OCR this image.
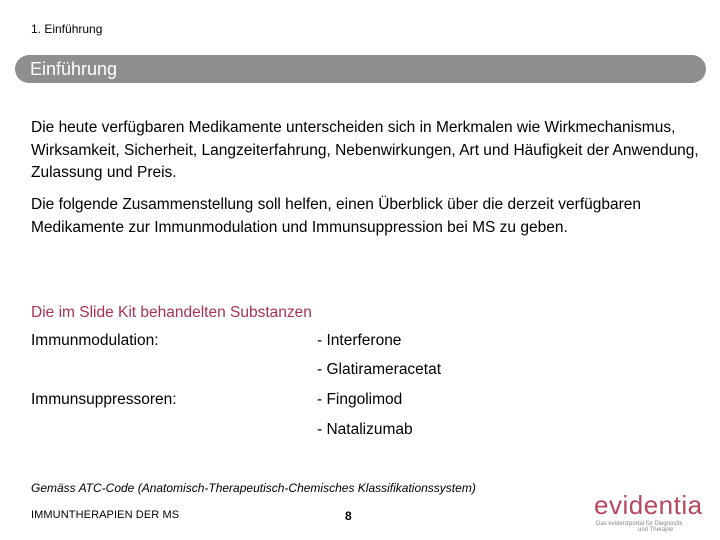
1. Einführung
Einführung

Die heute verfügbaren Medikamente unterscheiden sich in Merkmalen wie Wirkmechanismus, Wirksamkeit, Sicherheit, Langzeiterfahrung, Nebenwirkungen, Art und Häufigkeit der Anwendung, Zulassung und Preis.

Die folgende Zusammenstellung soll helfen, einen Überblick über die derzeit verfügbaren Medikamente zur Immunmodulation und Immunsuppression bei MS zu geben.

Die im Slide Kit behandelten Substanzen
Immunmodulation:	- Interferone
- Glatirameracetat
Immunsuppressoren:	- Fingolimod
- Natalizumab
Gemäss ATC-Code (Anatomisch-Therapeutisch-Chemisches Klassifikationssystem)
IMMUNTHERAPIEN DER MS	8	evidentia
Das evidenzportal für Diagnostik
und Therapie
